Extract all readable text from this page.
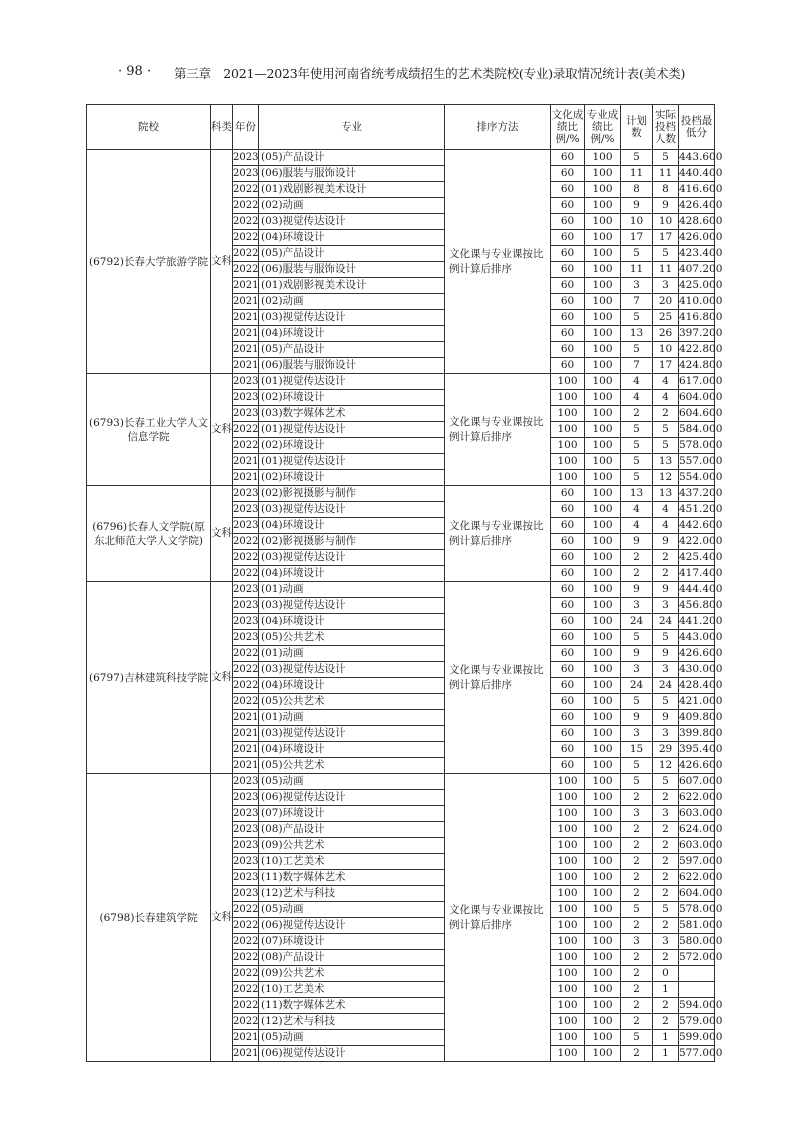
· 98 · 第三章　2021—2023年使用河南省统考成绩招生的艺术类院校(专业)录取情况统计表(美术类)
院校	科类	年份	专业	排序方法	文化成绩比例/%	专业成绩比例/%	计划数	实际投档人数	投档最低分
(6792)长春大学旅游学院	文科	2023	(05)产品设计	文化课与专业课按比例计算后排序	60	100	5	5	443.600
		2023	(06)服装与服饰设计		60	100	11	11	440.400
		2022	(01)戏剧影视美术设计		60	100	8	8	416.600
		2022	(02)动画		60	100	9	9	426.400
		2022	(03)视觉传达设计		60	100	10	10	428.600
		2022	(04)环境设计		60	100	17	17	426.000
		2022	(05)产品设计		60	100	5	5	423.400
		2022	(06)服装与服饰设计		60	100	11	11	407.200
		2021	(01)戏剧影视美术设计		60	100	3	3	425.000
		2021	(02)动画		60	100	7	20	410.000
		2021	(03)视觉传达设计		60	100	5	25	416.800
		2021	(04)环境设计		60	100	13	26	397.200
		2021	(05)产品设计		60	100	5	10	422.800
		2021	(06)服装与服饰设计		60	100	7	17	424.800
(6793)长春工业大学人文信息学院	文科	2023	(01)视觉传达设计	文化课与专业课按比例计算后排序	100	100	4	4	617.000
		2023	(02)环境设计		100	100	4	4	604.000
		2023	(03)数字媒体艺术		100	100	2	2	604.600
		2022	(01)视觉传达设计		100	100	5	5	584.000
		2022	(02)环境设计		100	100	5	5	578.000
		2021	(01)视觉传达设计		100	100	5	13	557.000
		2021	(02)环境设计		100	100	5	12	554.000
(6796)长春人文学院(原东北师范大学人文学院)	文科	2023	(02)影视摄影与制作	文化课与专业课按比例计算后排序	60	100	13	13	437.200
		2023	(03)视觉传达设计		60	100	4	4	451.200
		2023	(04)环境设计		60	100	4	4	442.600
		2022	(02)影视摄影与制作		60	100	9	9	422.000
		2022	(03)视觉传达设计		60	100	2	2	425.400
		2022	(04)环境设计		60	100	2	2	417.400
(6797)吉林建筑科技学院	文科	2023	(01)动画	文化课与专业课按比例计算后排序	60	100	9	9	444.400
		2023	(03)视觉传达设计		60	100	3	3	456.800
		2023	(04)环境设计		60	100	24	24	441.200
		2023	(05)公共艺术		60	100	5	5	443.000
		2022	(01)动画		60	100	9	9	426.600
		2022	(03)视觉传达设计		60	100	3	3	430.000
		2022	(04)环境设计		60	100	24	24	428.400
		2022	(05)公共艺术		60	100	5	5	421.000
		2021	(01)动画		60	100	9	9	409.800
		2021	(03)视觉传达设计		60	100	3	3	399.800
		2021	(04)环境设计		60	100	15	29	395.400
		2021	(05)公共艺术		60	100	5	12	426.600
(6798)长春建筑学院	文科	2023	(05)动画	文化课与专业课按比例计算后排序	100	100	5	5	607.000
		2023	(06)视觉传达设计		100	100	2	2	622.000
		2023	(07)环境设计		100	100	3	3	603.000
		2023	(08)产品设计		100	100	2	2	624.000
		2023	(09)公共艺术		100	100	2	2	603.000
		2023	(10)工艺美术		100	100	2	2	597.000
		2023	(11)数字媒体艺术		100	100	2	2	622.000
		2023	(12)艺术与科技		100	100	2	2	604.000
		2022	(05)动画		100	100	5	5	578.000
		2022	(06)视觉传达设计		100	100	2	2	581.000
		2022	(07)环境设计		100	100	3	3	580.000
		2022	(08)产品设计		100	100	2	2	572.000
		2022	(09)公共艺术		100	100	2	0	
		2022	(10)工艺美术		100	100	2	1	
		2022	(11)数字媒体艺术		100	100	2	2	594.000
		2022	(12)艺术与科技		100	100	2	2	579.000
		2021	(05)动画		100	100	5	1	599.000
		2021	(06)视觉传达设计		100	100	2	1	577.000
